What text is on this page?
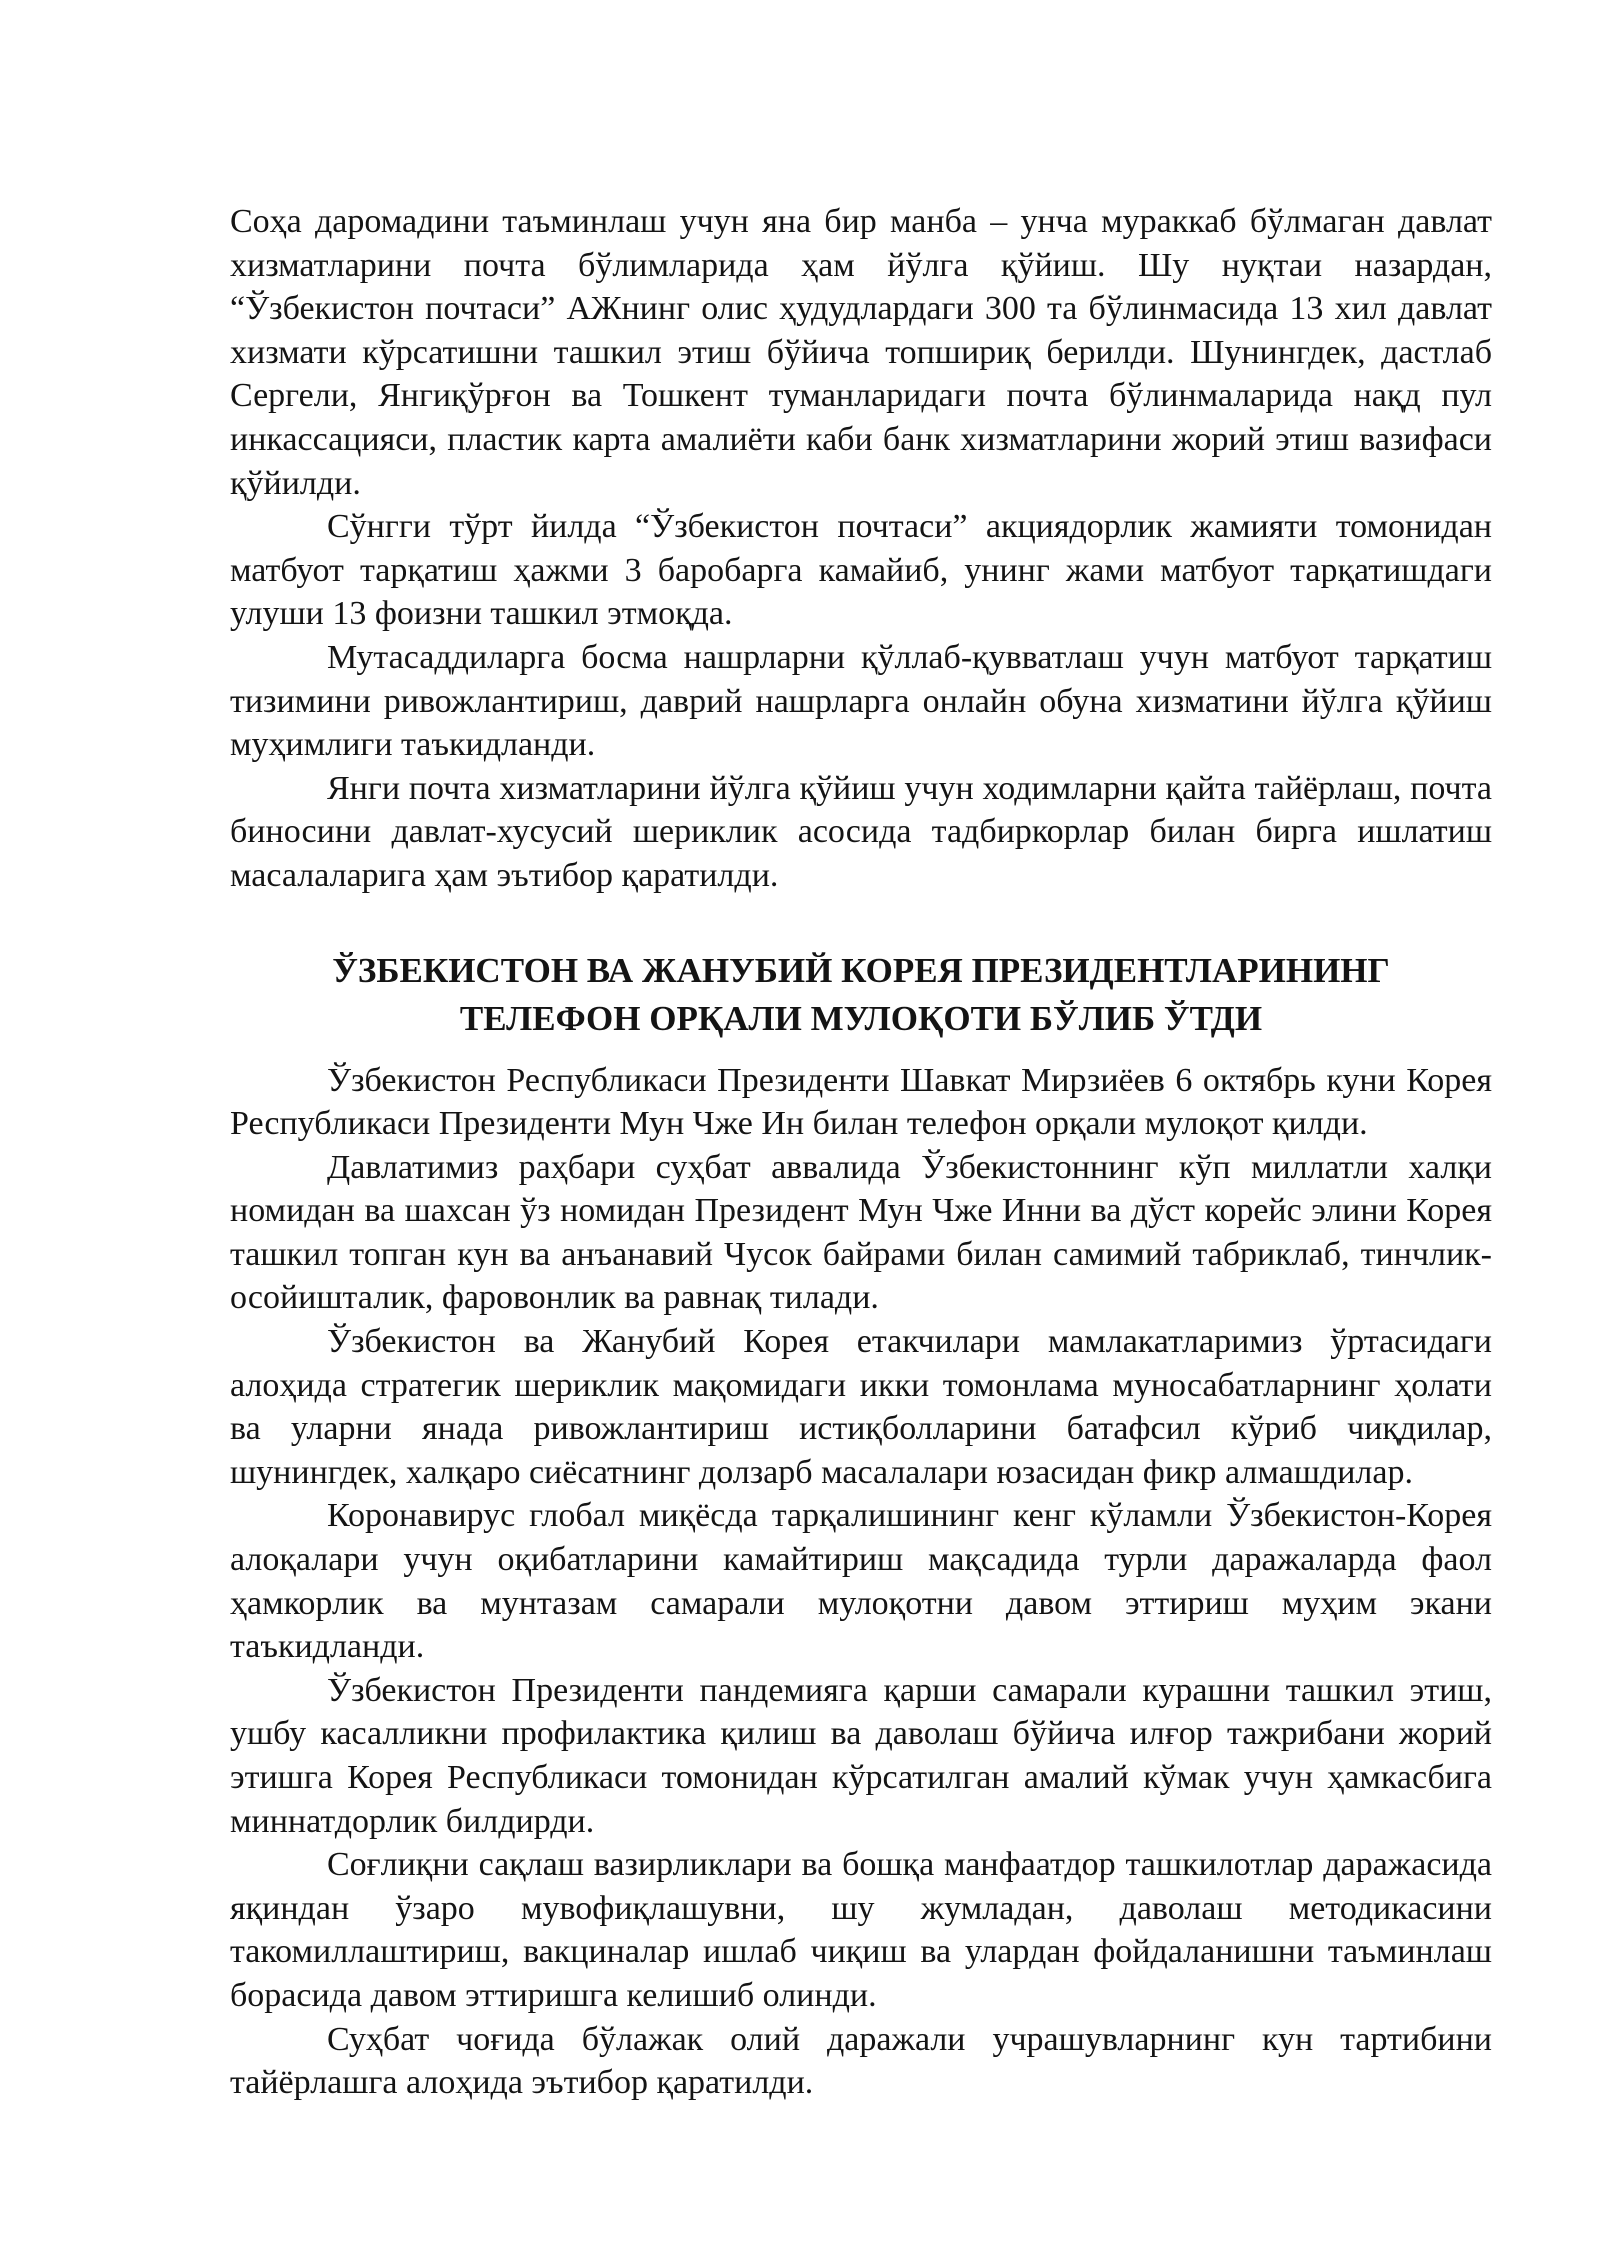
Соҳа даромадини таъминлаш учун яна бир манба – унча мураккаб бўлмаган давлат хизматларини почта бўлимларида ҳам йўлга қўйиш. Шу нуқтаи назардан, “Ўзбекистон почтаси” АЖнинг олис ҳудудлардаги 300 та бўлинмасида 13 хил давлат хизмати кўрсатишни ташкил этиш бўйича топшириқ берилди. Шунингдек, дастлаб Сергели, Янгиқўрғон ва Тошкент туманларидаги почта бўлинмаларида нақд пул инкассацияси, пластик карта амалиёти каби банк хизматларини жорий этиш вазифаси қўйилди.

Сўнгги тўрт йилда “Ўзбекистон почтаси” акциядорлик жамияти томонидан матбуот тарқатиш ҳажми 3 баробарга камайиб, унинг жами матбуот тарқатишдаги улуши 13 фоизни ташкил этмоқда.

Мутасаддиларга босма нашрларни қўллаб-қувватлаш учун матбуот тарқатиш тизимини ривожлантириш, даврий нашрларга онлайн обуна хизматини йўлга қўйиш муҳимлиги таъкидланди.

Янги почта хизматларини йўлга қўйиш учун ходимларни қайта тайёрлаш, почта биносини давлат-хусусий шериклик асосида тадбиркорлар билан бирга ишлатиш масалаларига ҳам эътибор қаратилди.

ЎЗБЕКИСТОН ВА ЖАНУБИЙ КОРЕЯ ПРЕЗИДЕНТЛАРИНИНГ
ТЕЛЕФОН ОРҚАЛИ МУЛОҚОТИ БЎЛИБ ЎТДИ

Ўзбекистон Республикаси Президенти Шавкат Мирзиёев 6 октябрь куни Корея Республикаси Президенти Мун Чже Ин билан телефон орқали мулоқот қилди.

Давлатимиз раҳбари суҳбат аввалида Ўзбекистоннинг кўп миллатли халқи номидан ва шахсан ўз номидан Президент Мун Чже Инни ва дўст корейс элини Корея ташкил топган кун ва анъанавий Чусок байрами билан самимий табриклаб, тинчлик-осойишталик, фаровонлик ва равнақ тилади.

Ўзбекистон ва Жанубий Корея етакчилари мамлакатларимиз ўртасидаги алоҳида стратегик шериклик мақомидаги икки томонлама муносабатларнинг ҳолати ва уларни янада ривожлантириш истиқболларини батафсил кўриб чиқдилар, шунингдек, халқаро сиёсатнинг долзарб масалалари юзасидан фикр алмашдилар.

Коронавирус глобал миқёсда тарқалишининг кенг кўламли Ўзбекистон-Корея алоқалари учун оқибатларини камайтириш мақсадида турли даражаларда фаол ҳамкорлик ва мунтазам самарали мулоқотни давом эттириш муҳим экани таъкидланди.

Ўзбекистон Президенти пандемияга қарши самарали курашни ташкил этиш, ушбу касалликни профилактика қилиш ва даволаш бўйича илғор тажрибани жорий этишга Корея Республикаси томонидан кўрсатилган амалий кўмак учун ҳамкасбига миннатдорлик билдирди.

Соғлиқни сақлаш вазирликлари ва бошқа манфаатдор ташкилотлар даражасида яқиндан ўзаро мувофиқлашувни, шу жумладан, даволаш методикасини такомиллаштириш, вакциналар ишлаб чиқиш ва улардан фойдаланишни таъминлаш борасида давом эттиришга келишиб олинди.

Суҳбат чоғида бўлажак олий даражали учрашувларнинг кун тартибини тайёрлашга алоҳида эътибор қаратилди.
